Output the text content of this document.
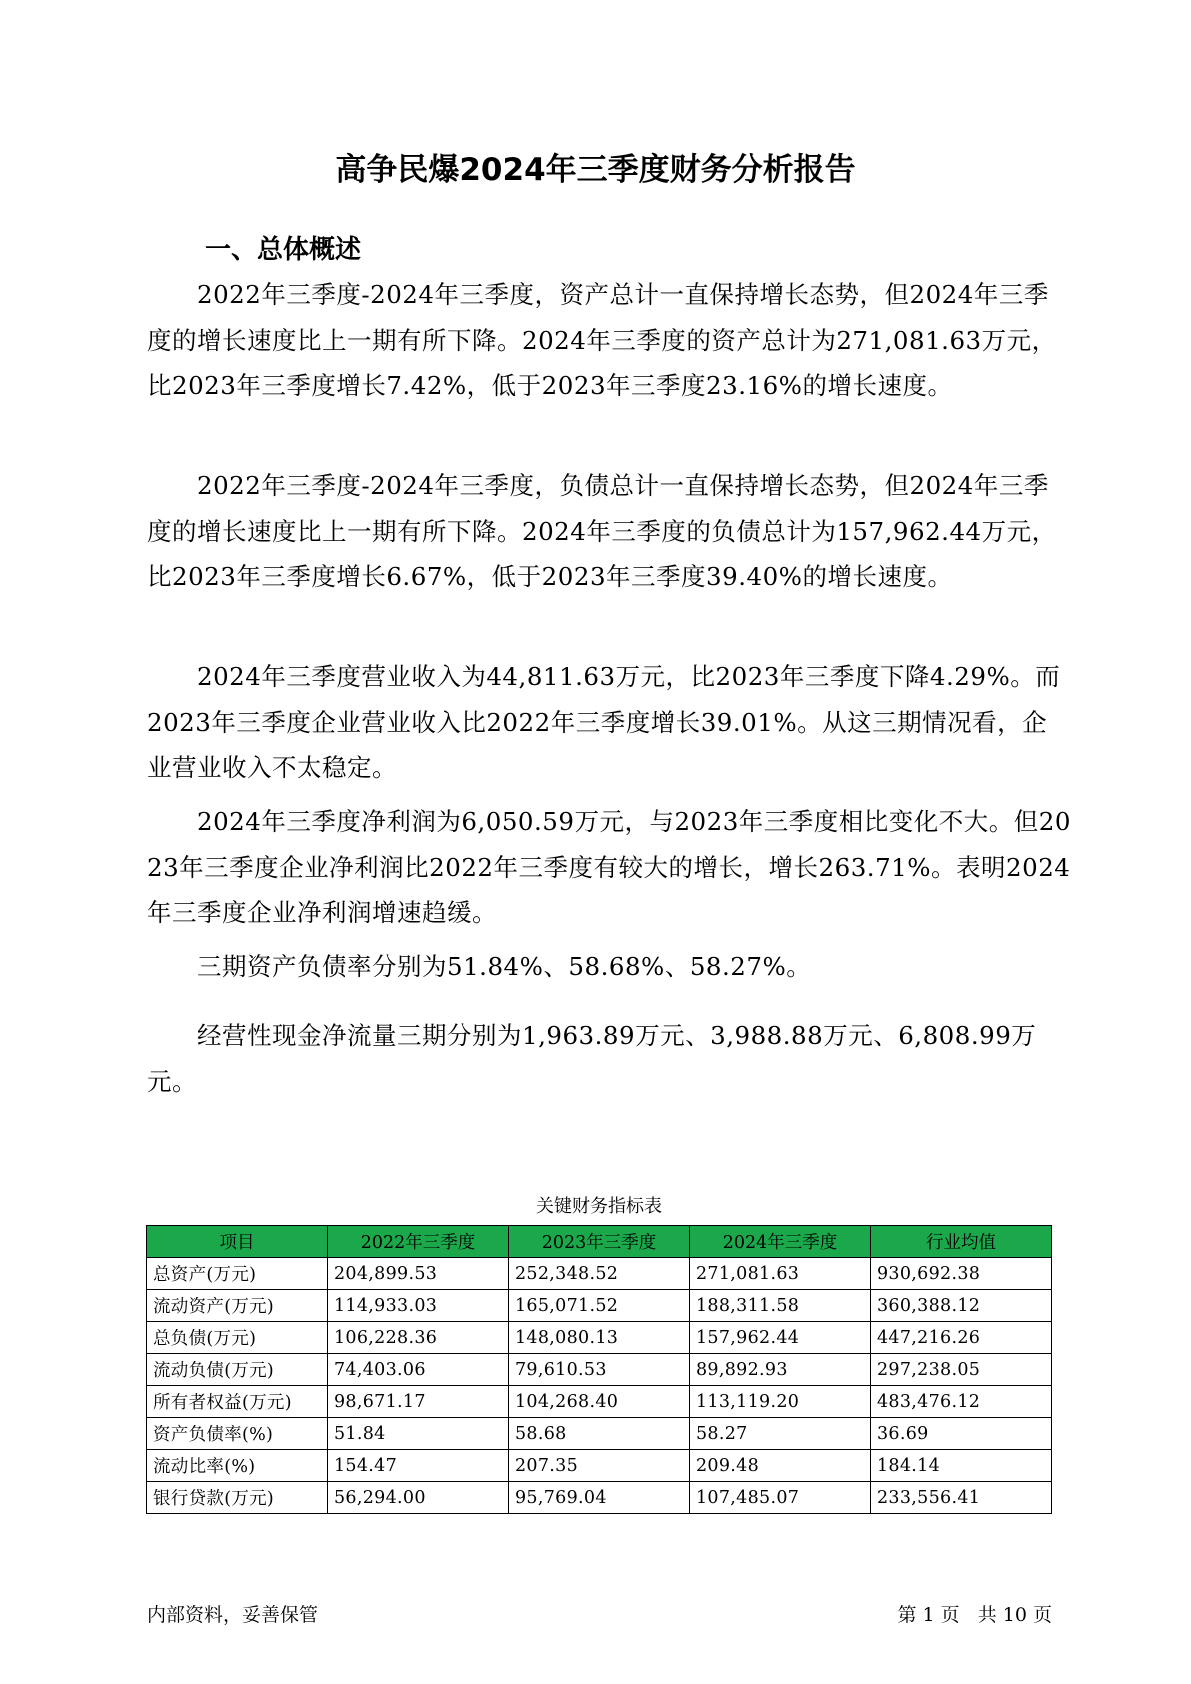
高争民爆2024年三季度财务分析报告
一、总体概述

2022年三季度-2024年三季度，资产总计一直保持增长态势，但2024年三季度的增长速度比上一期有所下降。2024年三季度的资产总计为271,081.63万元，比2023年三季度增长7.42%，低于2023年三季度23.16%的增长速度。

2022年三季度-2024年三季度，负债总计一直保持增长态势，但2024年三季度的增长速度比上一期有所下降。2024年三季度的负债总计为157,962.44万元，比2023年三季度增长6.67%，低于2023年三季度39.40%的增长速度。

2024年三季度营业收入为44,811.63万元，比2023年三季度下降4.29%。而2023年三季度企业营业收入比2022年三季度增长39.01%。从这三期情况看，企业营业收入不太稳定。

2024年三季度净利润为6,050.59万元，与2023年三季度相比变化不大。但2023年三季度企业净利润比2022年三季度有较大的增长，增长263.71%。表明2024年三季度企业净利润增速趋缓。

三期资产负债率分别为51.84%、58.68%、58.27%。

经营性现金净流量三期分别为1,963.89万元、3,988.88万元、6,808.99万元。

关键财务指标表
项目	2022年三季度	2023年三季度	2024年三季度	行业均值
总资产(万元)	204,899.53	252,348.52	271,081.63	930,692.38
流动资产(万元)	114,933.03	165,071.52	188,311.58	360,388.12
总负债(万元)	106,228.36	148,080.13	157,962.44	447,216.26
流动负债(万元)	74,403.06	79,610.53	89,892.93	297,238.05
所有者权益(万元)	98,671.17	104,268.40	113,119.20	483,476.12
资产负债率(%)	51.84	58.68	58.27	36.69
流动比率(%)	154.47	207.35	209.48	184.14
银行贷款(万元)	56,294.00	95,769.04	107,485.07	233,556.41
内部资料，妥善保管	第 1 页   共 10 页
